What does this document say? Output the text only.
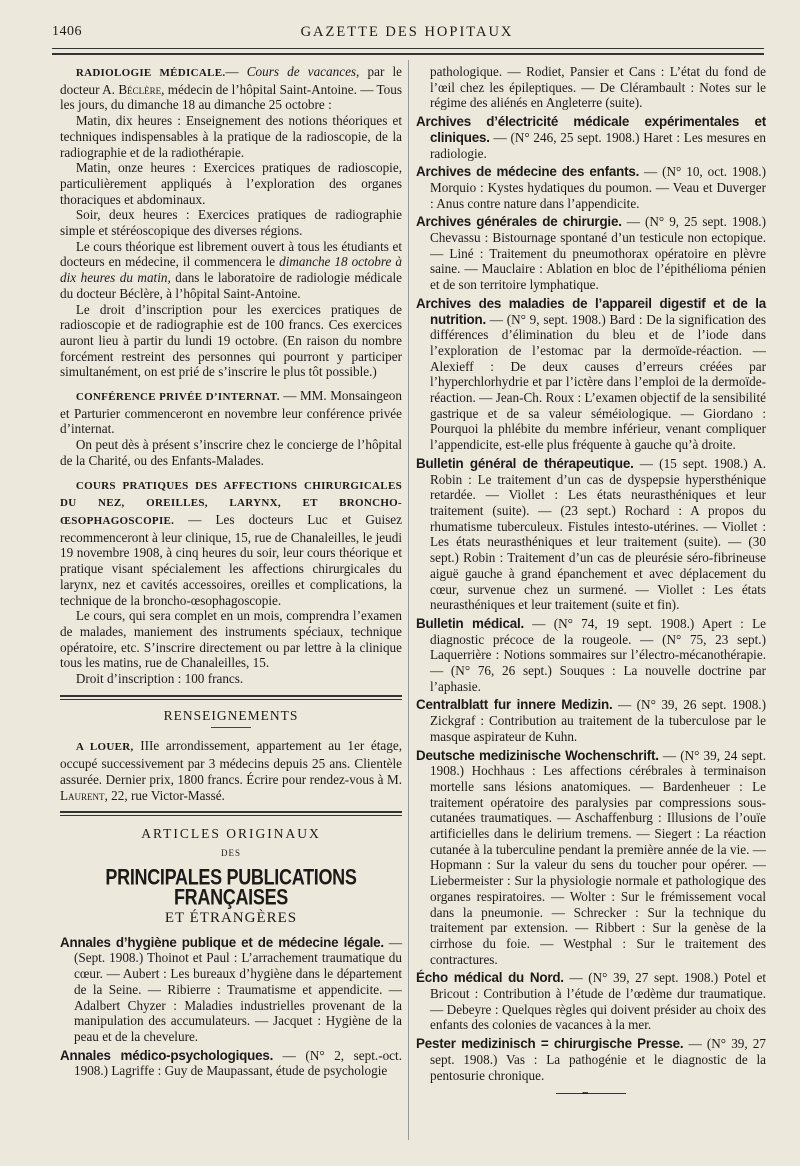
1406	GAZETTE DES HOPITAUX

RADIOLOGIE MÉDICALE.— Cours de vacances, par le docteur A. Béclère, médecin de l’hôpital Saint-Antoine. — Tous les jours, du dimanche 18 au dimanche 25 octobre :

Matin, dix heures : Enseignement des notions théoriques et techniques indispensables à la pratique de la radioscopie, de la radiographie et de la radiothérapie.

Matin, onze heures : Exercices pratiques de radioscopie, particulièrement appliqués à l’exploration des organes thoraciques et abdominaux.

Soir, deux heures : Exercices pratiques de radiographie simple et stéréoscopique des diverses régions.

Le cours théorique est librement ouvert à tous les étudiants et docteurs en médecine, il commencera le dimanche 18 octobre à dix heures du matin, dans le laboratoire de radiologie médicale du docteur Béclère, à l’hôpital Saint-Antoine.

Le droit d’inscription pour les exercices pratiques de radioscopie et de radiographie est de 100 francs. Ces exercices auront lieu à partir du lundi 19 octobre. (En raison du nombre forcément restreint des personnes qui pourront y participer simultanément, on est prié de s’inscrire le plus tôt possible.)

CONFÉRENCE PRIVÉE D’INTERNAT. — MM. Monsaingeon et Parturier commenceront en novembre leur conférence privée d’internat.

On peut dès à présent s’inscrire chez le concierge de l’hôpital de la Charité, ou des Enfants-Malades.

COURS PRATIQUES DES AFFECTIONS CHIRURGICALES DU NEZ, OREILLES, LARYNX, ET BRONCHO-ŒSOPHAGOSCOPIE. — Les docteurs Luc et Guisez recommenceront à leur clinique, 15, rue de Chanaleilles, le jeudi 19 novembre 1908, à cinq heures du soir, leur cours théorique et pratique visant spécialement les affections chirurgicales du larynx, nez et cavités accessoires, oreilles et complications, la technique de la broncho-œsophagoscopie.

Le cours, qui sera complet en un mois, comprendra l’examen de malades, maniement des instruments spéciaux, technique opératoire, etc. S’inscrire directement ou par lettre à la clinique tous les matins, rue de Chanaleilles, 15.

Droit d’inscription : 100 francs.

RENSEIGNEMENTS

A LOUER, IIIe arrondissement, appartement au 1er étage, occupé successivement par 3 médecins depuis 25 ans. Clientèle assurée. Dernier prix, 1800 francs. Écrire pour rendez-vous à M. Laurent, 22, rue Victor-Massé.

ARTICLES ORIGINAUX
DES
PRINCIPALES PUBLICATIONS FRANÇAISES
ET ÉTRANGÈRES

Annales d’hygiène publique et de médecine légale. — (Sept. 1908.) Thoinot et Paul : L’arrachement traumatique du cœur. — Aubert : Les bureaux d’hygiène dans le département de la Seine. — Ribierre : Traumatisme et appendicite. — Adalbert Chyzer : Maladies industrielles provenant de la manipulation des accumulateurs. — Jacquet : Hygiène de la peau et de la chevelure.

Annales médico-psychologiques. — (N° 2, sept.-oct. 1908.) Lagriffe : Guy de Maupassant, étude de psychologie

pathologique. — Rodiet, Pansier et Cans : L’état du fond de l’œil chez les épileptiques. — De Clérambault : Notes sur le régime des aliénés en Angleterre (suite).

Archives d’électricité médicale expérimentales et cliniques. — (N° 246, 25 sept. 1908.) Haret : Les mesures en radiologie.

Archives de médecine des enfants. — (N° 10, oct. 1908.) Morquio : Kystes hydatiques du poumon. — Veau et Duverger : Anus contre nature dans l’appendicite.

Archives générales de chirurgie. — (N° 9, 25 sept. 1908.) Chevassu : Bistournage spontané d’un testicule non ectopique. — Liné : Traitement du pneumothorax opératoire en plèvre saine. — Mauclaire : Ablation en bloc de l’épithélioma pénien et de son territoire lymphatique.

Archives des maladies de l’appareil digestif et de la nutrition. — (N° 9, sept. 1908.) Bard : De la signification des différences d’élimination du bleu et de l’iode dans l’exploration de l’estomac par la dermoïde-réaction. — Alexieff : De deux causes d’erreurs créées par l’hyperchlorhydrie et par l’ictère dans l’emploi de la dermoïde-réaction. — Jean-Ch. Roux : L’examen objectif de la sensibilité gastrique et de sa valeur séméiologique. — Giordano : Pourquoi la phlébite du membre inférieur, venant compliquer l’appendicite, est-elle plus fréquente à gauche qu’à droite.

Bulletin général de thérapeutique. — (15 sept. 1908.) A. Robin : Le traitement d’un cas de dyspepsie hypersthénique retardée. — Viollet : Les états neurasthéniques et leur traitement (suite). — (23 sept.) Rochard : A propos du rhumatisme tuberculeux. Fistules intesto-utérines. — Viollet : Les états neurasthéniques et leur traitement (suite). — (30 sept.) Robin : Traitement d’un cas de pleurésie séro-fibrineuse aiguë gauche à grand épanchement et avec déplacement du cœur, survenue chez un surmené. — Viollet : Les états neurasthéniques et leur traitement (suite et fin).

Bulletin médical. — (N° 74, 19 sept. 1908.) Apert : Le diagnostic précoce de la rougeole. — (N° 75, 23 sept.) Laquerrière : Notions sommaires sur l’électro-mécanothérapie. — (N° 76, 26 sept.) Souques : La nouvelle doctrine par l’aphasie.

Centralblatt fur innere Medizin. — (N° 39, 26 sept. 1908.) Zickgraf : Contribution au traitement de la tuberculose par le masque aspirateur de Kuhn.

Deutsche medizinische Wochenschrift. — (N° 39, 24 sept. 1908.) Hochhaus : Les affections cérébrales à terminaison mortelle sans lésions anatomiques. — Bardenheuer : Le traitement opératoire des paralysies par compressions sous-cutanées traumatiques. — Aschaffenburg : Illusions de l’ouïe artificielles dans le delirium tremens. — Siegert : La réaction cutanée à la tuberculine pendant la première année de la vie. — Hopmann : Sur la valeur du sens du toucher pour opérer. — Liebermeister : Sur la physiologie normale et pathologique des organes respiratoires. — Wolter : Sur le frémissement vocal dans la pneumonie. — Schrecker : Sur la technique du traitement par extension. — Ribbert : Sur la genèse de la cirrhose du foie. — Westphal : Sur le traitement des contractures.

Écho médical du Nord. — (N° 39, 27 sept. 1908.) Potel et Bricout : Contribution à l’étude de l’œdème dur traumatique. — Debeyre : Quelques règles qui doivent présider au choix des enfants des colonies de vacances à la mer.

Pester medizinisch = chirurgische Presse. — (N° 39, 27 sept. 1908.) Vas : La pathogénie et le diagnostic de la pentosurie chronique.

•••
